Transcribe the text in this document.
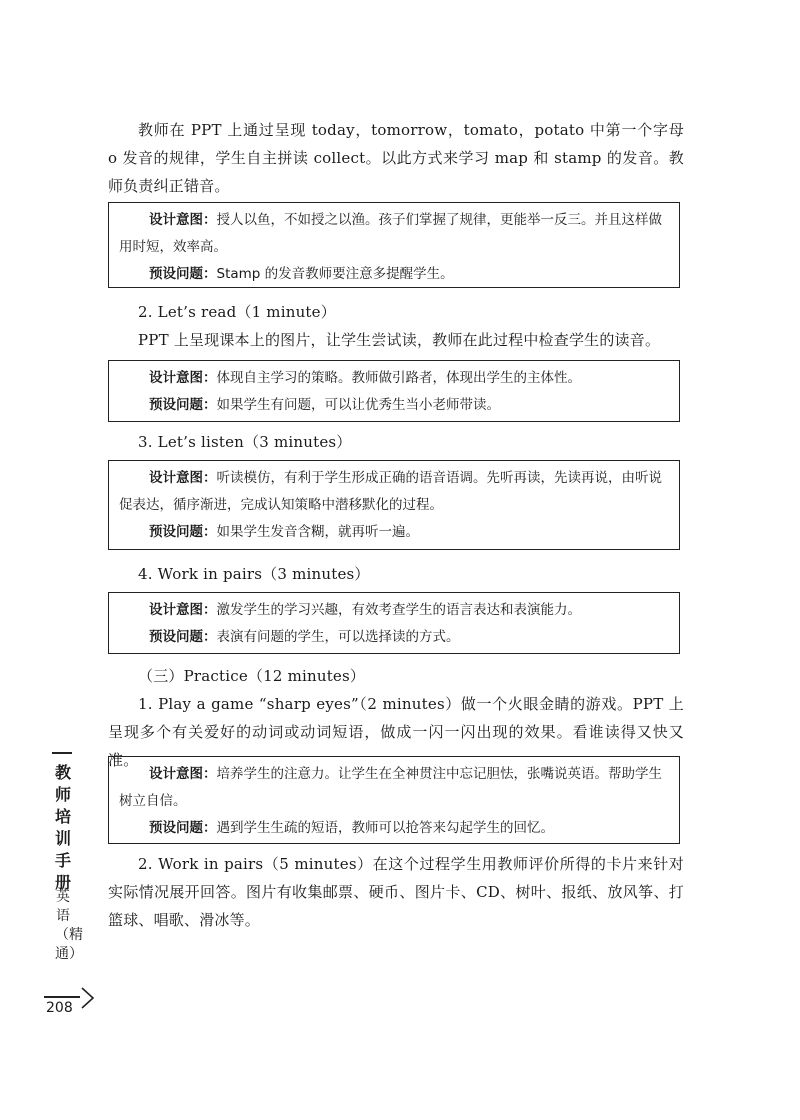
教师在 PPT 上通过呈现 today，tomorrow，tomato，potato 中第一个字母 o 发音的规律，学生自主拼读 collect。以此方式来学习 map 和 stamp 的发音。教师负责纠正错音。

设计意图：授人以鱼，不如授之以渔。孩子们掌握了规律，更能举一反三。并且这样做用时短，效率高。

预设问题：Stamp 的发音教师要注意多提醒学生。

2. Let’s read（1 minute）

PPT 上呈现课本上的图片，让学生尝试读，教师在此过程中检查学生的读音。

设计意图：体现自主学习的策略。教师做引路者，体现出学生的主体性。

预设问题：如果学生有问题，可以让优秀生当小老师带读。

3. Let’s listen（3 minutes）

设计意图：听读模仿，有利于学生形成正确的语音语调。先听再读，先读再说，由听说促表达，循序渐进，完成认知策略中潜移默化的过程。

预设问题：如果学生发音含糊，就再听一遍。

4. Work in pairs（3 minutes）

设计意图：激发学生的学习兴趣，有效考查学生的语言表达和表演能力。

预设问题：表演有问题的学生，可以选择读的方式。

（三）Practice（12 minutes）

1. Play a game “sharp eyes”（2 minutes）做一个火眼金睛的游戏。PPT 上呈现多个有关爱好的动词或动词短语，做成一闪一闪出现的效果。看谁读得又快又准。

设计意图：培养学生的注意力。让学生在全神贯注中忘记胆怯，张嘴说英语。帮助学生树立自信。

预设问题：遇到学生生疏的短语，教师可以抢答来勾起学生的回忆。

2. Work in pairs（5 minutes）在这个过程学生用教师评价所得的卡片来针对实际情况展开回答。图片有收集邮票、硬币、图片卡、CD、树叶、报纸、放风筝、打篮球、唱歌、滑冰等。

教师培训手册
英语（精通）
208
